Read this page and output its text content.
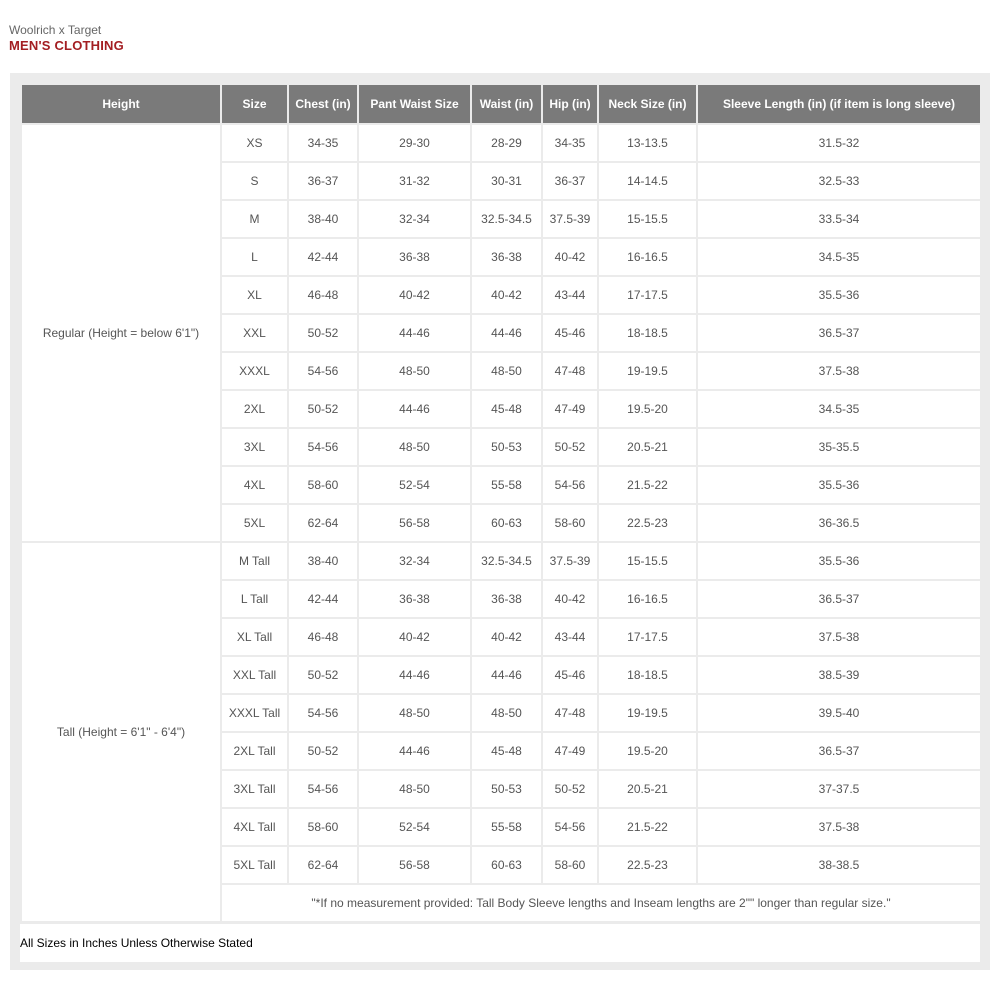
Woolrich x Target
MEN'S CLOTHING
Height	Size	Chest (in)	Pant Waist Size	Waist (in)	Hip (in)	Neck Size (in)	Sleeve Length (in) (if item is long sleeve)
Regular (Height = below 6'1")	XS	34-35	29-30	28-29	34-35	13-13.5	31.5-32
	S	36-37	31-32	30-31	36-37	14-14.5	32.5-33
	M	38-40	32-34	32.5-34.5	37.5-39	15-15.5	33.5-34
	L	42-44	36-38	36-38	40-42	16-16.5	34.5-35
	XL	46-48	40-42	40-42	43-44	17-17.5	35.5-36
	XXL	50-52	44-46	44-46	45-46	18-18.5	36.5-37
	XXXL	54-56	48-50	48-50	47-48	19-19.5	37.5-38
	2XL	50-52	44-46	45-48	47-49	19.5-20	34.5-35
	3XL	54-56	48-50	50-53	50-52	20.5-21	35-35.5
	4XL	58-60	52-54	55-58	54-56	21.5-22	35.5-36
	5XL	62-64	56-58	60-63	58-60	22.5-23	36-36.5
Tall (Height = 6'1" - 6'4")	M Tall	38-40	32-34	32.5-34.5	37.5-39	15-15.5	35.5-36
	L Tall	42-44	36-38	36-38	40-42	16-16.5	36.5-37
	XL Tall	46-48	40-42	40-42	43-44	17-17.5	37.5-38
	XXL Tall	50-52	44-46	44-46	45-46	18-18.5	38.5-39
	XXXL Tall	54-56	48-50	48-50	47-48	19-19.5	39.5-40
	2XL Tall	50-52	44-46	45-48	47-49	19.5-20	36.5-37
	3XL Tall	54-56	48-50	50-53	50-52	20.5-21	37-37.5
	4XL Tall	58-60	52-54	55-58	54-56	21.5-22	37.5-38
	5XL Tall	62-64	56-58	60-63	58-60	22.5-23	38-38.5
	"*If no measurement provided: Tall Body Sleeve lengths and Inseam lengths are 2"" longer than regular size."						
All Sizes in Inches Unless Otherwise Stated
